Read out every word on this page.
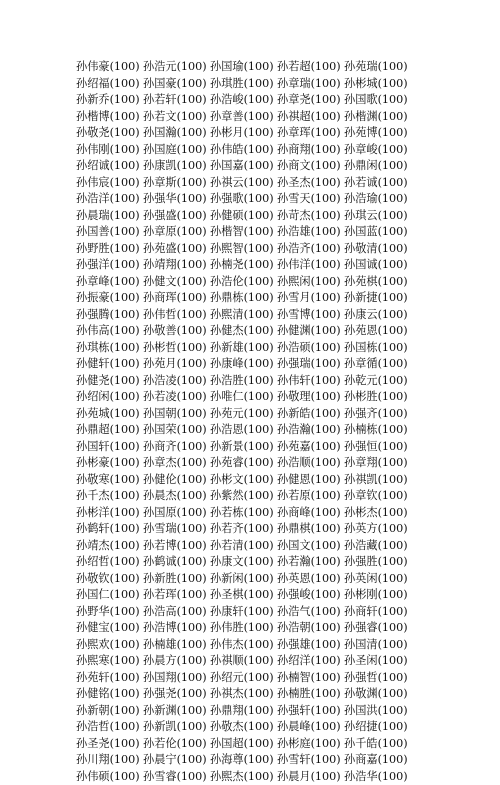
孙伟豪(100) 孙浩元(100) 孙国瑜(100) 孙若超(100) 孙苑瑞(100)
孙绍福(100) 孙国豪(100) 孙琪胜(100) 孙章瑞(100) 孙彬城(100)
孙新乔(100) 孙若轩(100) 孙浩峻(100) 孙章尧(100) 孙国歌(100)
孙楷博(100) 孙若文(100) 孙章善(100) 孙祺超(100) 孙楷渊(100)
孙敬尧(100) 孙国瀚(100) 孙彬月(100) 孙章珲(100) 孙苑博(100)
孙伟刚(100) 孙国庭(100) 孙伟皓(100) 孙商翔(100) 孙章峻(100)
孙绍诚(100) 孙康凯(100) 孙国嘉(100) 孙商文(100) 孙鼎闲(100)
孙伟宸(100) 孙章斯(100) 孙祺云(100) 孙圣杰(100) 孙若诚(100)
孙浩洋(100) 孙强华(100) 孙强歌(100) 孙雪天(100) 孙浩瑜(100)
孙晨瑞(100) 孙强盛(100) 孙健硕(100) 孙苛杰(100) 孙琪云(100)
孙国善(100) 孙章原(100) 孙楷智(100) 孙浩雄(100) 孙国蓝(100)
孙野胜(100) 孙苑盛(100) 孙熙智(100) 孙浩齐(100) 孙敬清(100)
孙强洋(100) 孙靖翔(100) 孙楠尧(100) 孙伟洋(100) 孙国诚(100)
孙章峰(100) 孙健文(100) 孙浩伦(100) 孙熙闲(100) 孙苑棋(100)
孙振豪(100) 孙商珲(100) 孙鼎栋(100) 孙雪月(100) 孙新捷(100)
孙强腾(100) 孙伟哲(100) 孙熙清(100) 孙雪博(100) 孙康云(100)
孙伟高(100) 孙敬善(100) 孙健杰(100) 孙健渊(100) 孙苑恩(100)
孙琪栋(100) 孙彬哲(100) 孙新雄(100) 孙浩硕(100) 孙国栋(100)
孙健轩(100) 孙苑月(100) 孙康峰(100) 孙强瑞(100) 孙章循(100)
孙健尧(100) 孙浩凌(100) 孙浩胜(100) 孙伟轩(100) 孙乾元(100)
孙绍闲(100) 孙若凌(100) 孙唯仁(100) 孙敬理(100) 孙彬胜(100)
孙苑城(100) 孙国朝(100) 孙苑元(100) 孙新皓(100) 孙强齐(100)
孙鼎超(100) 孙国荣(100) 孙浩恩(100) 孙浩瀚(100) 孙楠栋(100)
孙国轩(100) 孙商齐(100) 孙新景(100) 孙苑嘉(100) 孙强恒(100)
孙彬豪(100) 孙章杰(100) 孙苑睿(100) 孙浩顺(100) 孙章翔(100)
孙敬寒(100) 孙健伦(100) 孙彬文(100) 孙健恩(100) 孙祺凯(100)
孙千杰(100) 孙晨杰(100) 孙紫然(100) 孙若原(100) 孙章钦(100)
孙彬洋(100) 孙国原(100) 孙若栋(100) 孙商峰(100) 孙彬杰(100)
孙鹤轩(100) 孙雪瑞(100) 孙若齐(100) 孙鼎棋(100) 孙英方(100)
孙靖杰(100) 孙若博(100) 孙若清(100) 孙国文(100) 孙浩藏(100)
孙绍哲(100) 孙鹤诚(100) 孙康文(100) 孙若瀚(100) 孙强胜(100)
孙敬钦(100) 孙新胜(100) 孙新闲(100) 孙英恩(100) 孙英闲(100)
孙国仁(100) 孙若珲(100) 孙圣棋(100) 孙强峻(100) 孙彬刚(100)
孙野华(100) 孙浩高(100) 孙康轩(100) 孙浩气(100) 孙商轩(100)
孙健宝(100) 孙浩博(100) 孙伟胜(100) 孙浩朝(100) 孙强睿(100)
孙熙欢(100) 孙楠雄(100) 孙伟杰(100) 孙强雄(100) 孙国清(100)
孙熙寒(100) 孙晨方(100) 孙祺顺(100) 孙绍洋(100) 孙圣闲(100)
孙苑轩(100) 孙国翔(100) 孙绍元(100) 孙楠智(100) 孙强哲(100)
孙健铭(100) 孙强尧(100) 孙祺杰(100) 孙楠胜(100) 孙敬渊(100)
孙新朝(100) 孙新渊(100) 孙鼎翔(100) 孙强轩(100) 孙国洪(100)
孙浩哲(100) 孙新凯(100) 孙敬杰(100) 孙晨峰(100) 孙绍捷(100)
孙圣尧(100) 孙若伦(100) 孙国超(100) 孙彬庭(100) 孙千皓(100)
孙川翔(100) 孙晨宁(100) 孙海尊(100) 孙雪轩(100) 孙商嘉(100)
孙伟硕(100) 孙雪睿(100) 孙熙杰(100) 孙晨月(100) 孙浩华(100)
